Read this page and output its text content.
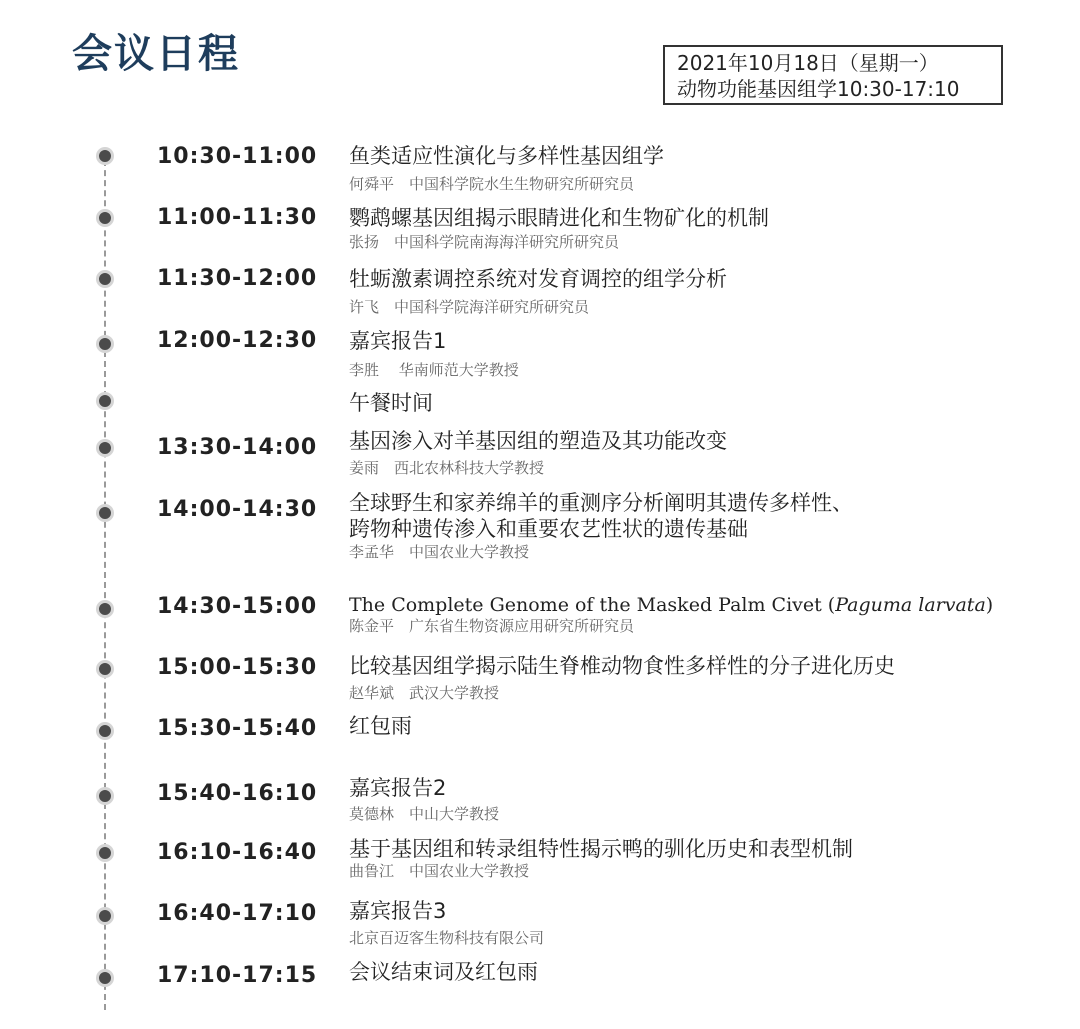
会议日程	2021年10月18日（星期一）
动物功能基因组学10:30-17:10
10:30-11:00 鱼类适应性演化与多样性基因组学
何舜平　中国科学院水生生物研究所研究员
11:00-11:30 鹦鹉螺基因组揭示眼睛进化和生物矿化的机制
张扬　中国科学院南海海洋研究所研究员
11:30-12:00 牡蛎激素调控系统对发育调控的组学分析
许飞　中国科学院海洋研究所研究员
12:00-12:30 嘉宾报告1
李胜　 华南师范大学教授
午餐时间
13:30-14:00 基因渗入对羊基因组的塑造及其功能改变
姜雨　西北农林科技大学教授
14:00-14:30 全球野生和家养绵羊的重测序分析阐明其遗传多样性、
跨物种遗传渗入和重要农艺性状的遗传基础
李孟华　中国农业大学教授
14:30-15:00 The Complete Genome of the Masked Palm Civet (Paguma larvata)
陈金平　广东省生物资源应用研究所研究员
15:00-15:30 比较基因组学揭示陆生脊椎动物食性多样性的分子进化历史
赵华斌　武汉大学教授
15:30-15:40 红包雨
15:40-16:10 嘉宾报告2
莫德林　中山大学教授
16:10-16:40 基于基因组和转录组特性揭示鸭的驯化历史和表型机制
曲鲁江　中国农业大学教授
16:40-17:10 嘉宾报告3
北京百迈客生物科技有限公司
17:10-17:15 会议结束词及红包雨
